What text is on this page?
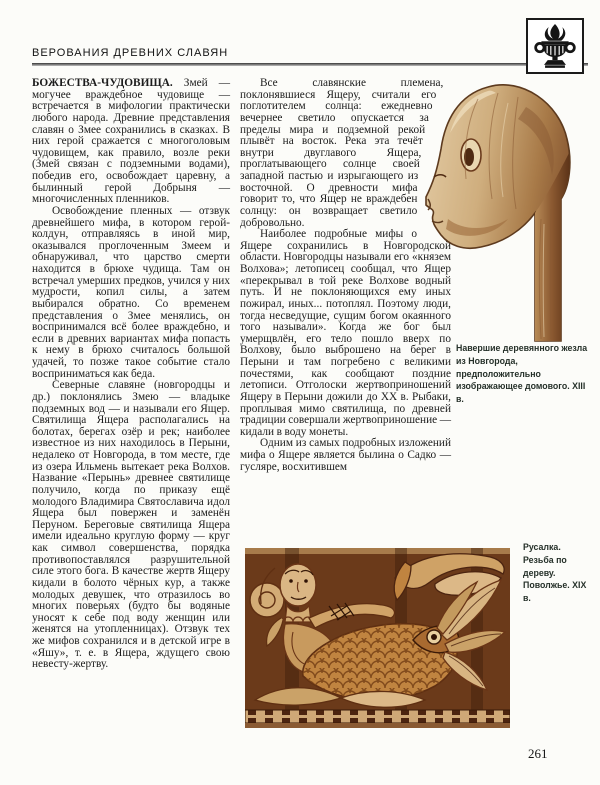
ВЕРОВАНИЯ ДРЕВНИХ СЛАВЯН

БОЖЕСТВА-ЧУДОВИЩА. Змей — могучее враждебное чудовище — встречается в мифологии практически любого народа. Древние представления славян о Змее сохранились в сказках. В них герой сражается с многоголовым чудовищем, как правило, возле реки (Змей связан с подземными водами), победив его, освобождает царевну, а былинный герой Добрыня — многочисленных пленников.

Освобождение пленных — отзвук древнейшего мифа, в котором герой-колдун, отправляясь в иной мир, оказывался проглоченным Змеем и обнаруживал, что царство смерти находится в брюхе чудища. Там он встречал умерших предков, учился у них мудрости, копил силы, а затем выбирался обратно. Со временем представления о Змее менялись, он воспринимался всё более враждебно, и если в древних вариантах мифа попасть к нему в брюхо считалось большой удачей, то позже такое событие стало восприниматься как беда.

Северные славяне (новгородцы и др.) поклонялись Змею — владыке подземных вод — и называли его Ящер. Святилища Ящера располагались на болотах, берегах озёр и рек; наиболее известное из них находилось в Перыни, недалеко от Новгорода, в том месте, где из озера Ильмень вытекает река Волхов. Название «Перынь» древнее святилище получило, когда по приказу ещё молодого Владимира Святославича идол Ящера был повержен и заменён Перуном. Береговые святилища Ящера имели идеально круглую форму — круг как символ совершенства, порядка противопоставлялся разрушительной силе этого бога. В качестве жертв Ящеру кидали в болото чёрных кур, а также молодых девушек, что отразилось во многих поверьях (будто бы водяные уносят к себе под воду женщин или женятся на утопленницах). Отзвук тех же мифов сохранился и в детской игре в «Яшу», т. е. в Ящера, ждущего свою невесту-жертву.

Все славянские племена, поклонявшиеся Ящеру, считали его поглотителем солнца: ежедневно вечернее светило опускается за пределы мира и подземной рекой плывёт на восток. Река эта течёт внутри двуглавого Ящера, проглатывающего солнце своей западной пастью и изрыгающего из восточной. О древности мифа говорит то, что Ящер не враждебен солнцу: он возвращает светило добровольно.

Наиболее подробные мифы о Ящере сохранились в Новгородской области. Новгородцы называли его «князем Волхова»; летописец сообщал, что Ящер «перекрывал в той реке Волхове водный путь. И не поклоняющихся ему иных пожирал, иных... потоплял. Поэтому люди, тогда несведущие, сущим богом окаянного того называли». Когда же бог был умерщвлён, его тело пошло вверх по Волхову, было выброшено на берег в Перыни и там погребено с великими почестями, как сообщают поздние летописи. Отголоски жертвоприношений Ящеру в Перыни дожили до XX в. Рыбаки, проплывая мимо святилища, по древней традиции совершали жертвоприношение — кидали в воду монеты.

Одним из самых подробных изложений мифа о Ящере является былина о Садко — гусляре, восхитившем

Навершие деревянного жезла из Новгорода, предположительно изображающее домового. XIII в.
Русалка. Резьба по дереву. Поволжье. XIX в.
261
